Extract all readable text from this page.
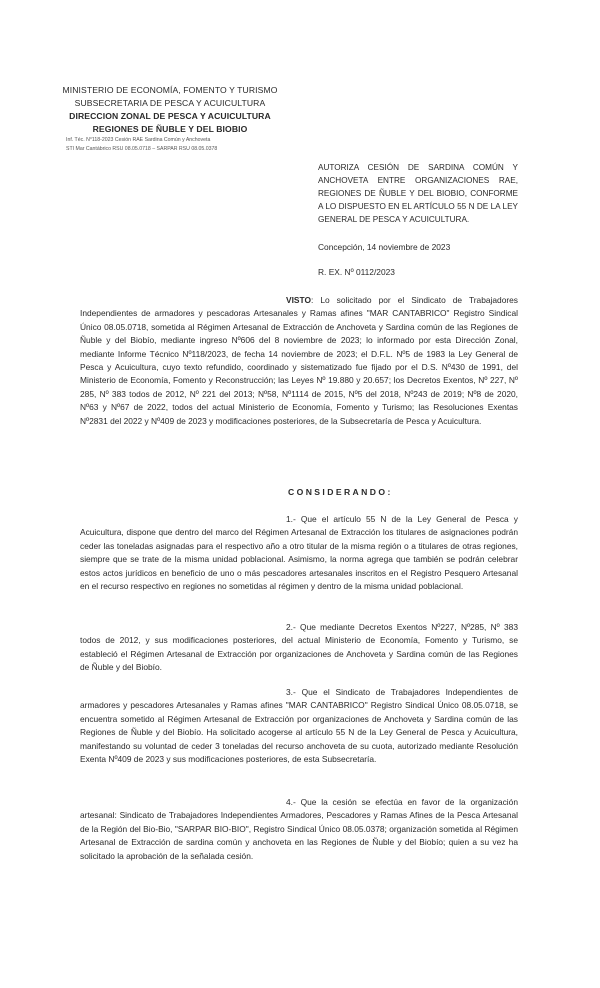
MINISTERIO DE ECONOMÍA, FOMENTO Y TURISMO
SUBSECRETARIA DE PESCA Y ACUICULTURA
DIRECCION ZONAL DE PESCA Y ACUICULTURA
REGIONES DE ÑUBLE Y DEL BIOBIO
Inf. Téc. N°118-2023 Cesión RAE Sardina Común y Anchoveta
STI Mar Cantábrico RSU 08.05.0718 – SARPAR RSU 08.05.0378
AUTORIZA CESIÓN DE SARDINA COMÚN Y ANCHOVETA ENTRE ORGANIZACIONES RAE, REGIONES DE ÑUBLE Y DEL BIOBIO, CONFORME A LO DISPUESTO EN EL ARTÍCULO 55 N DE LA LEY GENERAL DE PESCA Y ACUICULTURA.
Concepción, 14 noviembre de 2023
R. EX. Nº 0112/2023
VISTO: Lo solicitado por el Sindicato de Trabajadores Independientes de armadores y pescadoras Artesanales y Ramas afines "MAR CANTABRICO" Registro Sindical Único 08.05.0718, sometida al Régimen Artesanal de Extracción de Anchoveta y Sardina común de las Regiones de Ñuble y del Biobío, mediante ingreso Nº606 del 8 noviembre de 2023; lo informado por esta Dirección Zonal, mediante Informe Técnico Nº118/2023, de fecha 14 noviembre de 2023; el D.F.L. Nº5 de 1983 la Ley General de Pesca y Acuicultura, cuyo texto refundido, coordinado y sistematizado fue fijado por el D.S. Nº430 de 1991, del Ministerio de Economía, Fomento y Reconstrucción; las Leyes Nº 19.880 y 20.657; los Decretos Exentos, Nº 227, Nº 285, Nº 383 todos de 2012, Nº 221 del 2013; Nº58, Nº1114 de 2015, Nº5 del 2018, Nº243 de 2019; Nº8 de 2020, Nº63 y Nº67 de 2022, todos del actual Ministerio de Economía, Fomento y Turismo; las Resoluciones Exentas Nº2831 del 2022 y Nº409 de 2023 y modificaciones posteriores, de la Subsecretaría de Pesca y Acuicultura.
CONSIDERANDO:
1.- Que el artículo 55 N de la Ley General de Pesca y Acuicultura, dispone que dentro del marco del Régimen Artesanal de Extracción los titulares de asignaciones podrán ceder las toneladas asignadas para el respectivo año a otro titular de la misma región o a titulares de otras regiones, siempre que se trate de la misma unidad poblacional. Asimismo, la norma agrega que también se podrán celebrar estos actos jurídicos en beneficio de uno o más pescadores artesanales inscritos en el Registro Pesquero Artesanal en el recurso respectivo en regiones no sometidas al régimen y dentro de la misma unidad poblacional.
2.- Que mediante Decretos Exentos Nº227, Nº285, Nº 383 todos de 2012, y sus modificaciones posteriores, del actual Ministerio de Economía, Fomento y Turismo, se estableció el Régimen Artesanal de Extracción por organizaciones de Anchoveta y Sardina común de las Regiones de Ñuble y del Biobío.
3.- Que el Sindicato de Trabajadores Independientes de armadores y pescadores Artesanales y Ramas afines "MAR CANTABRICO" Registro Sindical Único 08.05.0718, se encuentra sometido al Régimen Artesanal de Extracción por organizaciones de Anchoveta y Sardina común de las Regiones de Ñuble y del Biobío. Ha solicitado acogerse al artículo 55 N de la Ley General de Pesca y Acuicultura, manifestando su voluntad de ceder 3 toneladas del recurso anchoveta de su cuota, autorizado mediante Resolución Exenta Nº409 de 2023 y sus modificaciones posteriores, de esta Subsecretaría.
4.- Que la cesión se efectúa en favor de la organización artesanal: Sindicato de Trabajadores Independientes Armadores, Pescadores y Ramas Afines de la Pesca Artesanal de la Región del Bio-Bio, "SARPAR BIO-BIO", Registro Sindical Único 08.05.0378; organización sometida al Régimen Artesanal de Extracción de sardina común y anchoveta en las Regiones de Ñuble y del Biobío; quien a su vez ha solicitado la aprobación de la señalada cesión.
